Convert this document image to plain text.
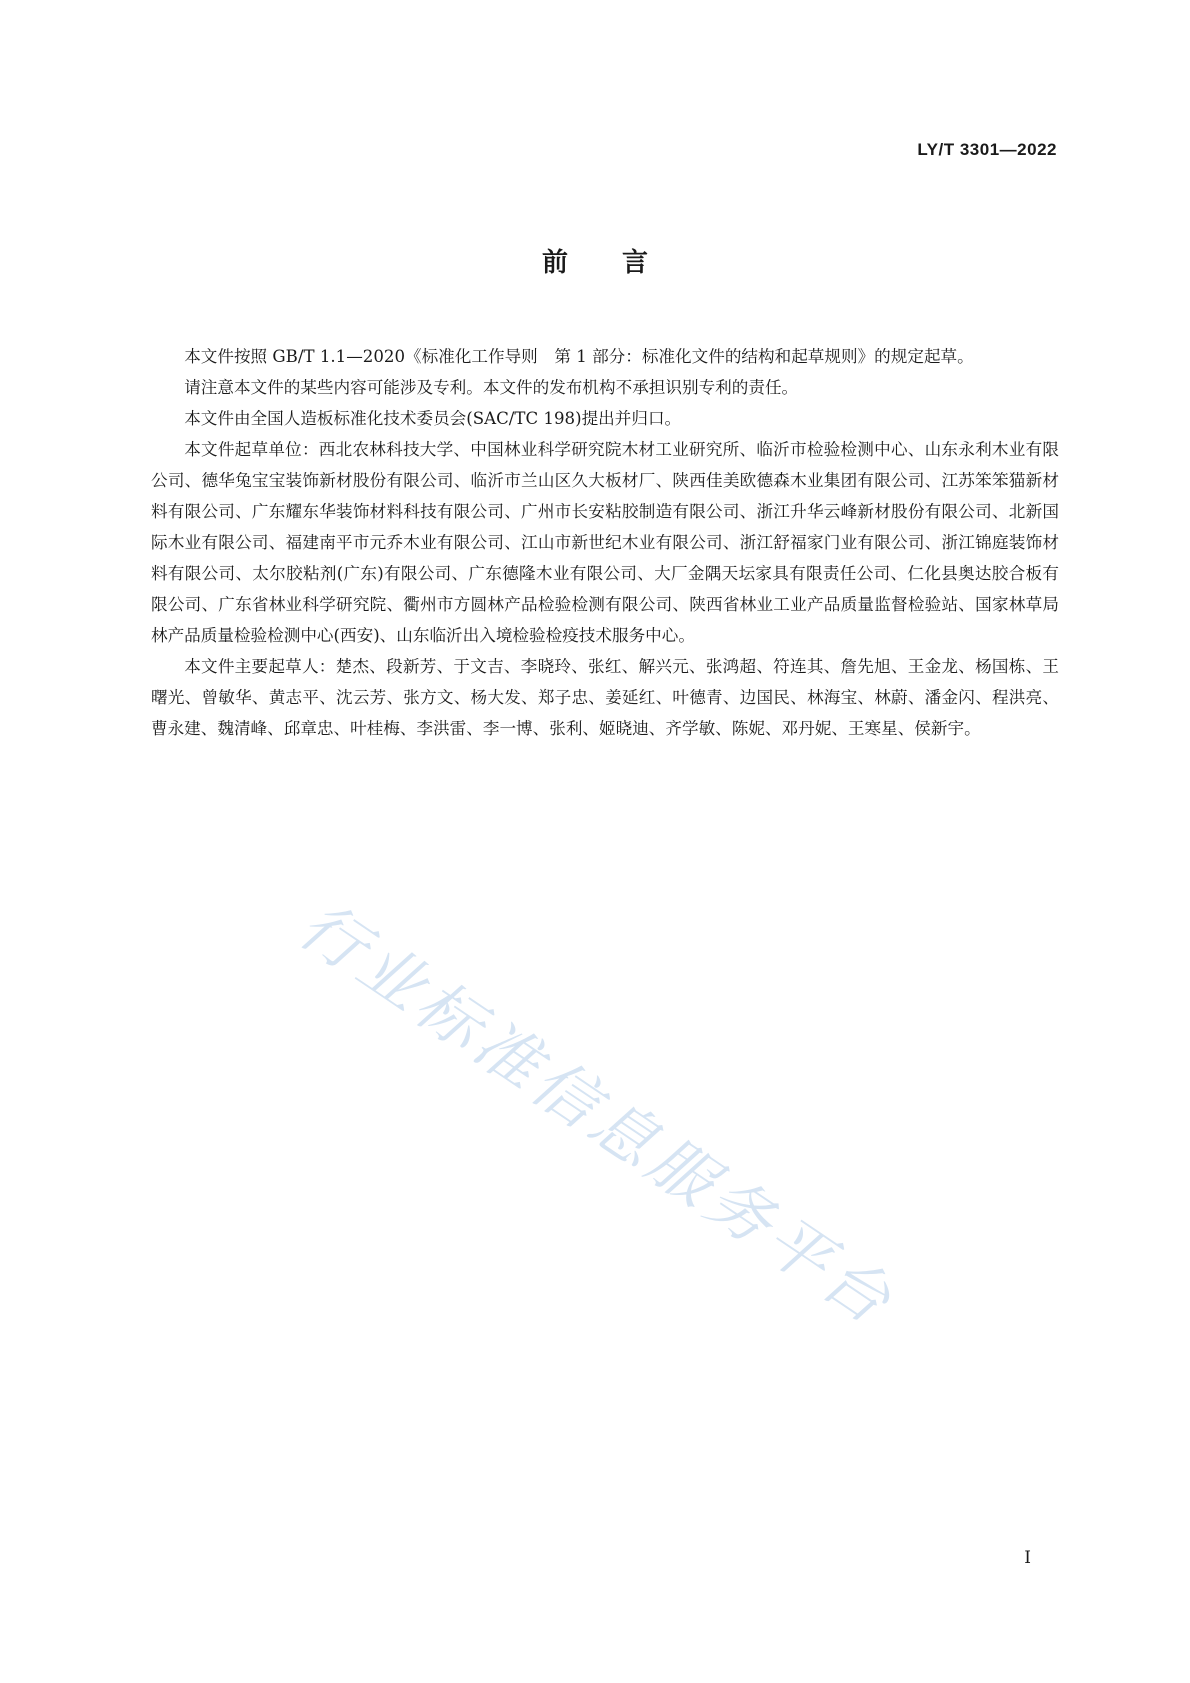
LY/T 3301—2022
前言

本文件按照 GB/T 1.1—2020《标准化工作导则　第 1 部分：标准化文件的结构和起草规则》的规定起草。

请注意本文件的某些内容可能涉及专利。本文件的发布机构不承担识别专利的责任。

本文件由全国人造板标准化技术委员会(SAC/TC 198)提出并归口。

本文件起草单位：西北农林科技大学、中国林业科学研究院木材工业研究所、临沂市检验检测中心、山东永利木业有限公司、德华兔宝宝装饰新材股份有限公司、临沂市兰山区久大板材厂、陕西佳美欧德森木业集团有限公司、江苏笨笨猫新材料有限公司、广东耀东华装饰材料科技有限公司、广州市长安粘胶制造有限公司、浙江升华云峰新材股份有限公司、北新国际木业有限公司、福建南平市元乔木业有限公司、江山市新世纪木业有限公司、浙江舒福家门业有限公司、浙江锦庭装饰材料有限公司、太尔胶粘剂(广东)有限公司、广东德隆木业有限公司、大厂金隅天坛家具有限责任公司、仁化县奥达胶合板有限公司、广东省林业科学研究院、衢州市方圆林产品检验检测有限公司、陕西省林业工业产品质量监督检验站、国家林草局林产品质量检验检测中心(西安)、山东临沂出入境检验检疫技术服务中心。

本文件主要起草人：楚杰、段新芳、于文吉、李晓玲、张红、解兴元、张鸿超、符连其、詹先旭、王金龙、杨国栋、王曙光、曾敏华、黄志平、沈云芳、张方文、杨大发、郑子忠、姜延红、叶德青、边国民、林海宝、林蔚、潘金闪、程洪亮、曹永建、魏清峰、邱章忠、叶桂梅、李洪雷、李一博、张利、姬晓迪、齐学敏、陈妮、邓丹妮、王寒星、侯新宇。

行业标准信息服务平台
I
